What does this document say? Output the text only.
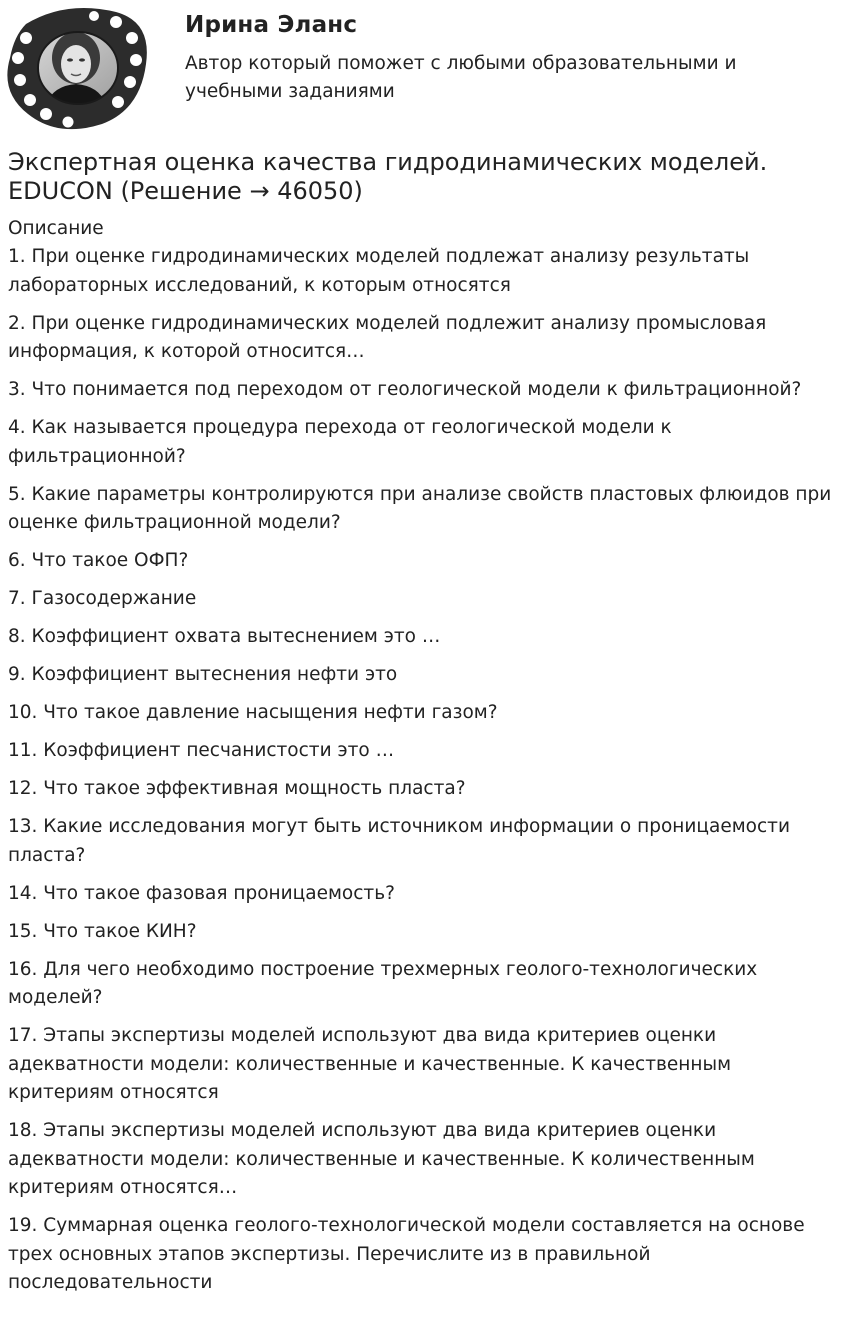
Ирина Эланс
Автор который поможет с любыми образовательными и учебными заданиями
Экспертная оценка качества гидродинамических моделей. EDUCON (Решение → 46050)
Описание
1. При оценке гидродинамических моделей подлежат анализу результаты лабораторных исследований, к которым относятся
2. При оценке гидродинамических моделей подлежит анализу промысловая информация, к которой относится…
3. Что понимается под переходом от геологической модели к фильтрационной?
4. Как называется процедура перехода от геологической модели к фильтрационной?
5. Какие параметры контролируются при анализе свойств пластовых флюидов при оценке фильтрационной модели?
6. Что такое ОФП?
7. Газосодержание
8. Коэффициент охвата вытеснением это …
9. Коэффициент вытеснения нефти это
10. Что такое давление насыщения нефти газом?
11. Коэффициент песчанистости это …
12. Что такое эффективная мощность пласта?
13. Какие исследования могут быть источником информации о проницаемости пласта?
14. Что такое фазовая проницаемость?
15. Что такое КИН?
16. Для чего необходимо построение трехмерных геолого-технологических моделей?
17. Этапы экспертизы моделей используют два вида критериев оценки адекватности модели: количественные и качественные. К качественным критериям относятся
18. Этапы экспертизы моделей используют два вида критериев оценки адекватности модели: количественные и качественные. К количественным критериям относятся…
19. Суммарная оценка геолого-технологической модели составляется на основе трех основных этапов экспертизы. Перечислите из в правильной последовательности
